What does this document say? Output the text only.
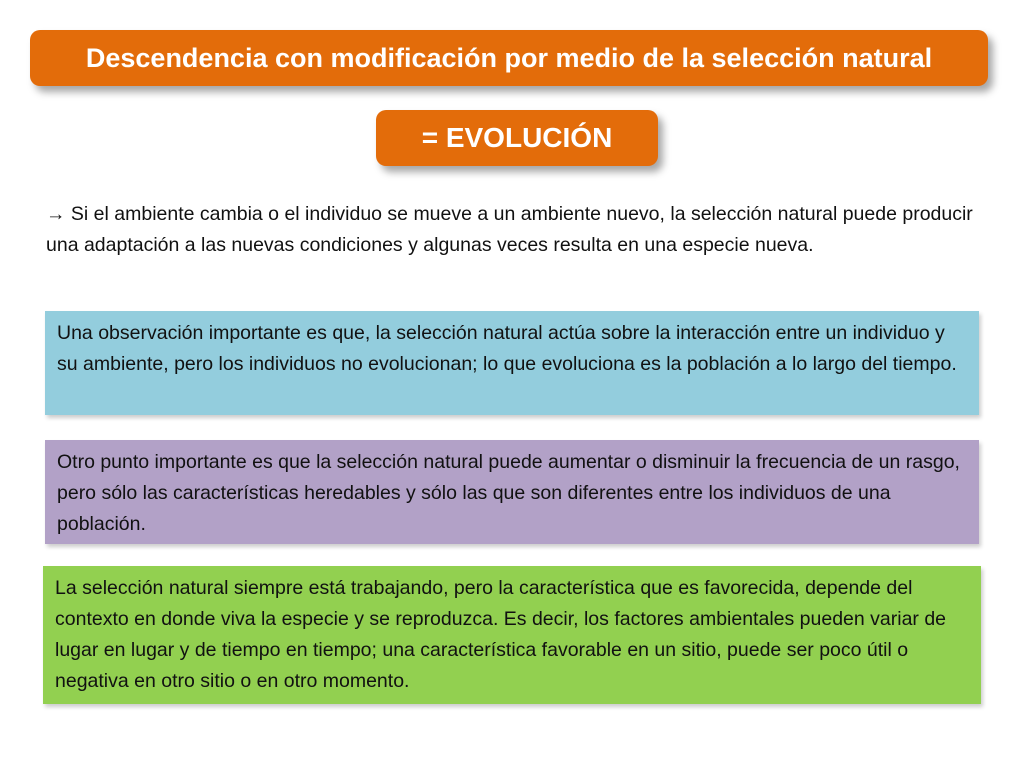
Descendencia con modificación por medio de la selección natural
= EVOLUCIÓN
→ Si el ambiente cambia o el individuo se mueve a un ambiente nuevo, la selección natural puede producir una adaptación a las nuevas condiciones y algunas veces resulta en una especie nueva.
Una observación importante es que, la selección natural actúa sobre la interacción entre un individuo y su ambiente, pero los individuos no evolucionan; lo que evoluciona es la población a lo largo del tiempo.
Otro punto importante es que la selección natural puede aumentar o disminuir la frecuencia de un rasgo, pero sólo las características heredables y sólo las que son diferentes entre los individuos de una población.
La selección natural siempre está trabajando, pero la característica que es favorecida, depende del contexto en donde viva la especie y se reproduzca. Es decir, los factores ambientales pueden variar de lugar en lugar y de tiempo en tiempo; una característica favorable en un sitio, puede ser poco útil o negativa en otro sitio o en otro momento.
